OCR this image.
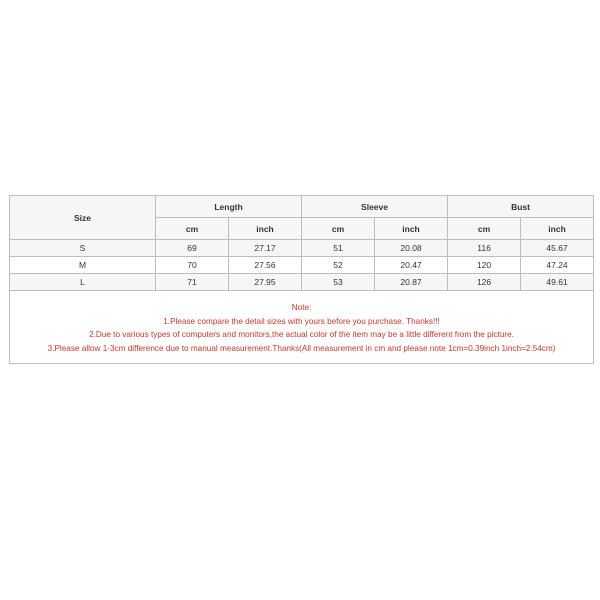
Size	Length		Sleeve		Bust	
	cm	inch	cm	inch	cm	inch
S	69	27.17	51	20.08	116	45.67
M	70	27.56	52	20.47	120	47.24
L	71	27.95	53	20.87	126	49.61

Note:
1.Please compare the detail sizes with yours before you purchase. Thanks!!!
2.Due to various types of computers and monitors,the actual color of the item may be a little different from the picture.
3.Please allow 1-3cm difference due to manual measurement.Thanks(All measurement in cm and please note 1cm=0.39inch 1inch=2.54cm)						
